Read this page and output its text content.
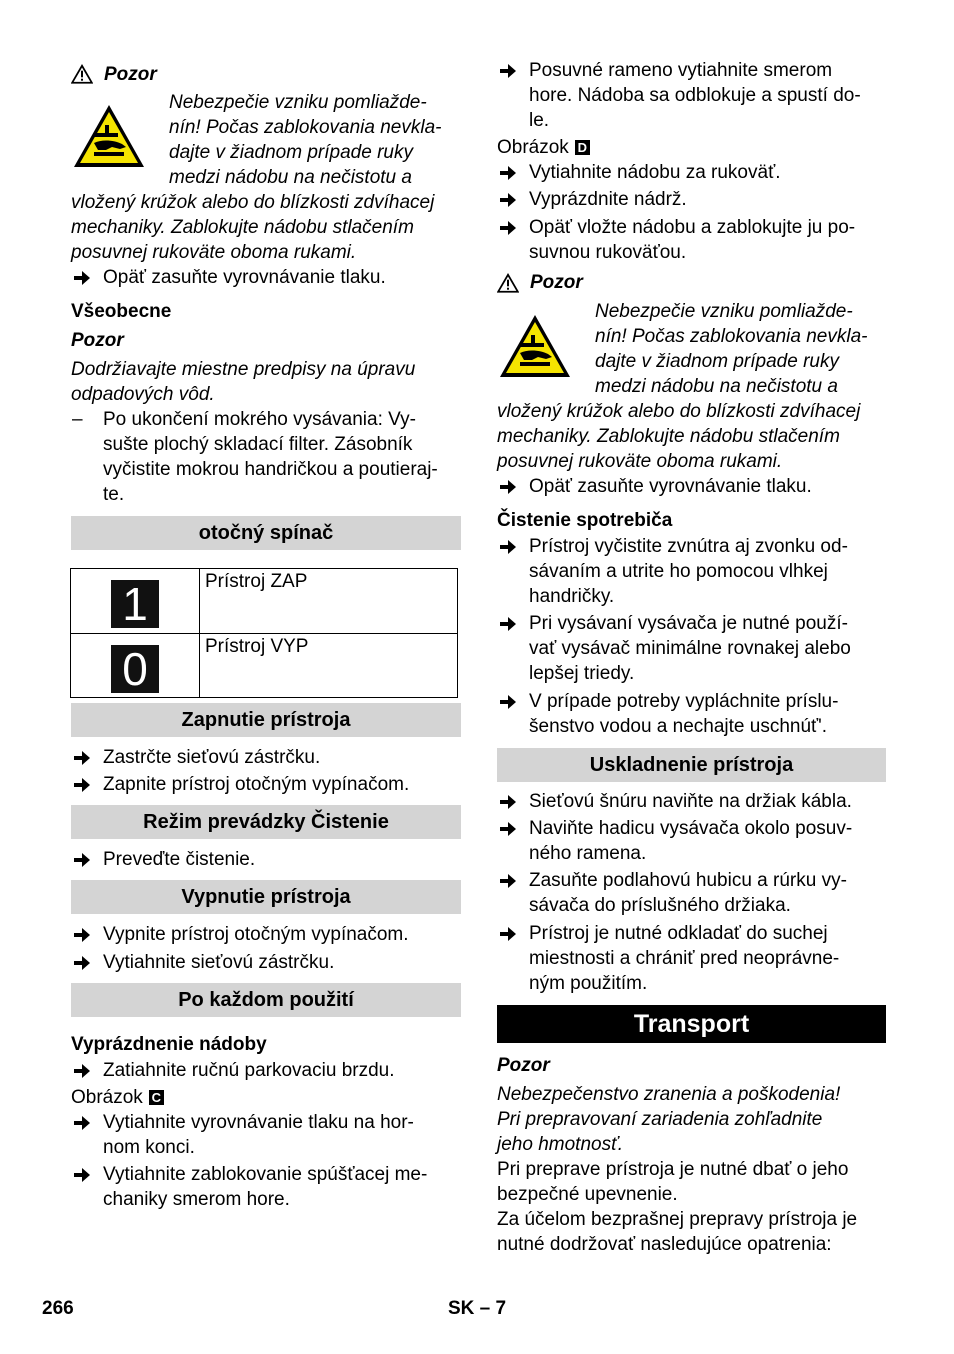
Pozor
Nebezpečie vzniku pomliažde-
nín! Počas zablokovania nevkla-
dajte v žiadnom prípade ruky
medzi nádobu na nečistotu a
vložený krúžok alebo do blízkosti zdvíhacej
mechaniky. Zablokujte nádobu stlačením
posuvnej rukoväte oboma rukami.
Opäť zasuňte vyrovnávanie tlaku.
Všeobecne
Pozor
Dodržiavajte miestne predpisy na úpravu
odpadových vôd.
– Po ukončení mokrého vysávania: Vy-
sušte plochý skladací filter. Zásobník
vyčistite mokrou handričkou a poutieraj-
te.
otočný spínač
1	Prístroj ZAP
0	Prístroj VYP
Zapnutie prístroja
Zastrčte sieťovú zástrčku.
Zapnite prístroj otočným vypínačom.
Režim prevádzky Čistenie
Preveďte čistenie.
Vypnutie prístroja
Vypnite prístroj otočným vypínačom.
Vytiahnite sieťovú zástrčku.
Po každom použití
Vyprázdnenie nádoby
Zatiahnite ručnú parkovaciu brzdu.
Obrázok C
Vytiahnite vyrovnávanie tlaku na hor-
nom konci.
Vytiahnite zablokovanie spúšťacej me-
chaniky smerom hore.
Posuvné rameno vytiahnite smerom
hore. Nádoba sa odblokuje a spustí do-
le.
Obrázok D
Vytiahnite nádobu za rukoväť.
Vyprázdnite nádrž.
Opäť vložte nádobu a zablokujte ju po-
suvnou rukoväťou.
Pozor
Nebezpečie vzniku pomliažde-
nín! Počas zablokovania nevkla-
dajte v žiadnom prípade ruky
medzi nádobu na nečistotu a
vložený krúžok alebo do blízkosti zdvíhacej
mechaniky. Zablokujte nádobu stlačením
posuvnej rukoväte oboma rukami.
Opäť zasuňte vyrovnávanie tlaku.
Čistenie spotrebiča
Prístroj vyčistite zvnútra aj zvonku od-
sávaním a utrite ho pomocou vlhkej
handričky.
Pri vysávaní vysávača je nutné použí-
vať vysávač minimálne rovnakej alebo
lepšej triedy.
V prípade potreby vypláchnite príslu-
šenstvo vodou a nechajte uschnúť'.
Uskladnenie prístroja
Sieťovú šnúru naviňte na držiak kábla.
Naviňte hadicu vysávača okolo posuv-
ného ramena.
Zasuňte podlahovú hubicu a rúrku vy-
sávača do príslušného držiaka.
Prístroj je nutné odkladať do suchej
miestnosti a chrániť pred neoprávne-
ným použitím.
Transport
Pozor
Nebezpečenstvo zranenia a poškodenia!
Pri prepravovaní zariadenia zohľadnite
jeho hmotnosť.
Pri preprave prístroja je nutné dbať o jeho
bezpečné upevnenie.
Za účelom bezprašnej prepravy prístroja je
nutné dodržovať nasledujúce opatrenia:
266	SK – 7
